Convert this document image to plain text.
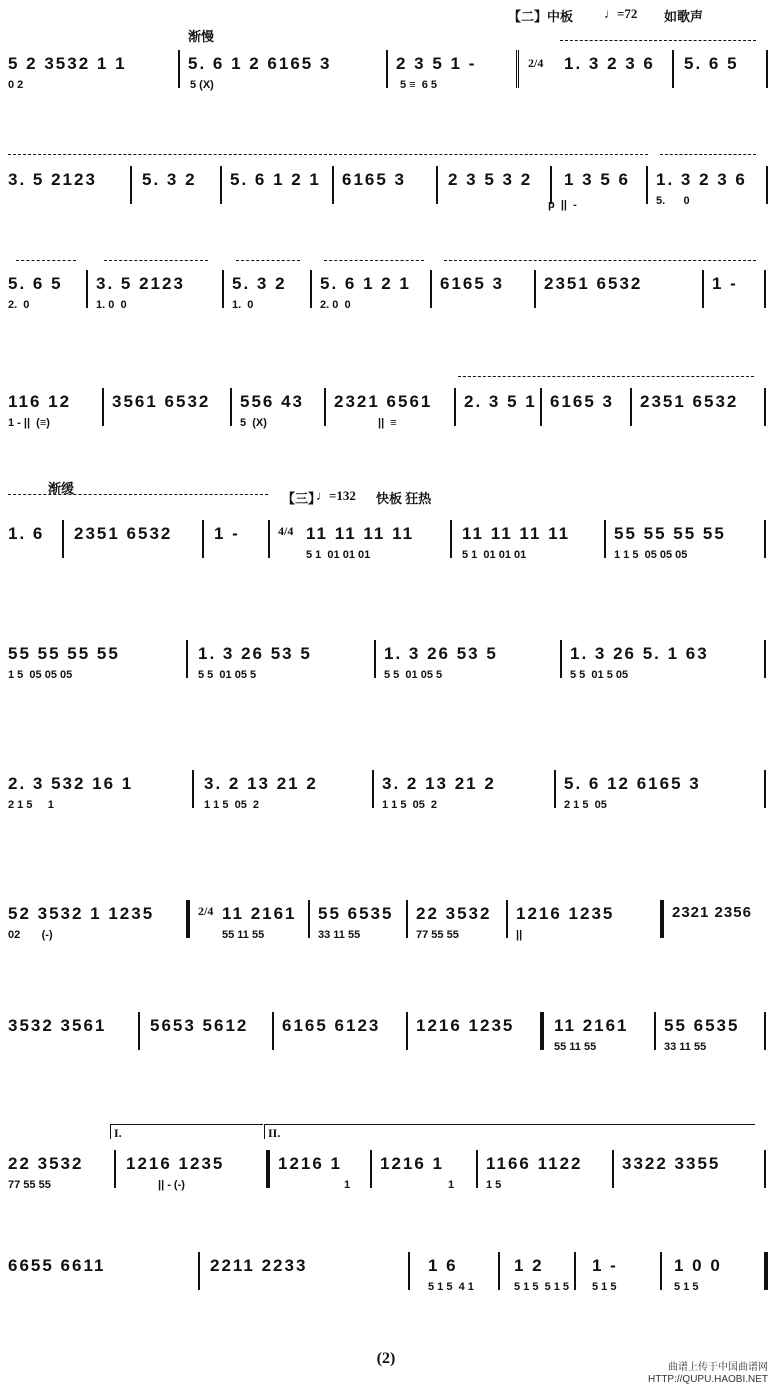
【二】中板 ♩=72 如歌声
渐慢
5 2 3532 1 1
0 2
5. 6 1 2 6165 3
5 (X)
2 3 5 1 -
5 ≡  6 5
2/4 1. 3 2 3 6 5. 6 5
3. 5 2123	5. 3 2 5. 6 1 2 1 6165 3 2 3 5 3 2 1 3 5 6
p  ||  -
1. 3 2 3 6
5.      0
5. 6 5
2.  0
3. 5 2123
1. 0  0
5. 3 2
1.  0
5. 6 1 2 1
2. 0  0
6165 3 2351 6532	1 -
116 12
1 - ||  (≡)
3561 6532 556 43
5  (X)
2321 6561
||  ≡
2. 3 5 1 6165 3 2351 6532
渐缓
【三】
♩=132 快板 狂热
1. 6 2351 6532 1 -	4/4 11 11 11 11
5 1  01 01 01
11 11 11 11
5 1  01 01 01
55 55 55 55
1 1 5  05 05 05
55 55 55 55
1 5  05 05 05
1. 3 26 53 5
5 5  01 05 5
1. 3 26 53 5
5 5  01 05 5
1. 3 26 5. 1 63
5 5  01 5 05
2. 3 532 16 1
2 1 5     1
3. 2 13 21 2
1 1 5  05  2
3. 2 13 21 2
1 1 5  05  2
5. 6 12 6165 3
2 1 5  05
52 3532 1 1235
02       (-)
2/4 11 2161
55 11 55
55 6535
33 11 55
22 3532
77 55 55
1216 1235
||
2321 2356
3532 3561	5653 5612 6165 6123 1216 1235 11 2161
55 11 55
55 6535
33 11 55
I.	II.
22 3532
77 55 55
1216 1235
|| - (-)
1216 1
1
1216 1
1
1166 1122
1 5
3322 3355
6655 6611	2211 2233	1 6
5 1 5  4 1
1 2
5 1 5  5 1 5
1 -
5 1 5
1 0 0
5 1 5
(2)
曲谱上传于中国曲谱网
HTTP://QUPU.HAOBI.NET
